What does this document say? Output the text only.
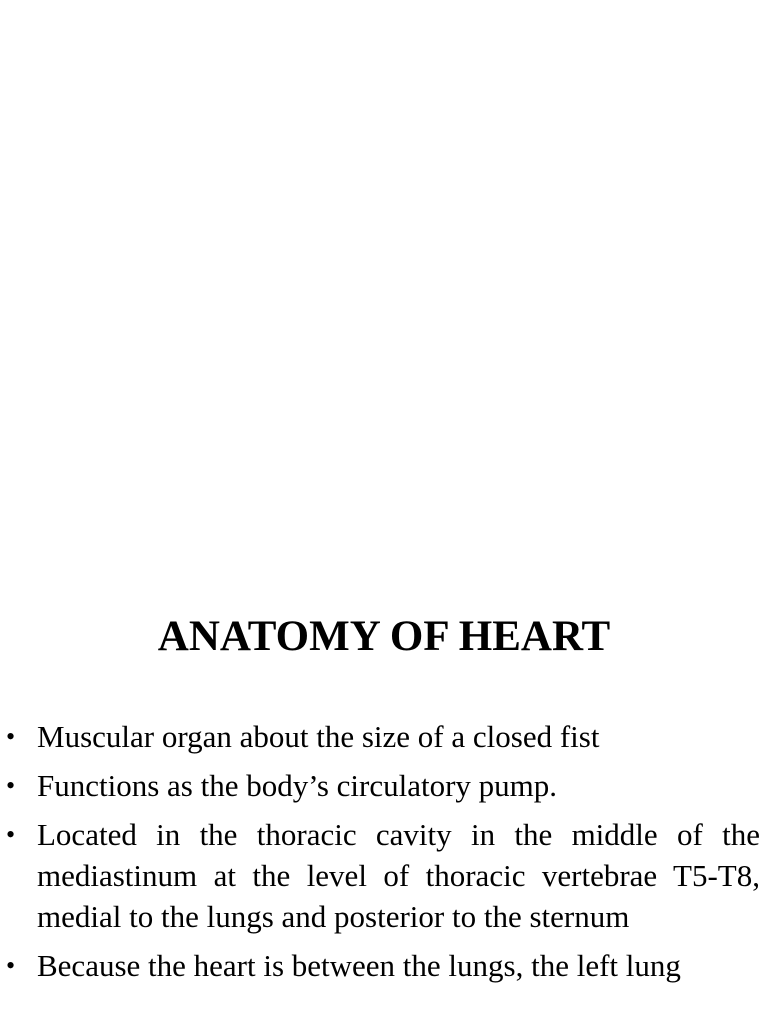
ANATOMY OF HEART
• Muscular organ about the size of a closed fist
• Functions as the body’s circulatory pump.
• Located in the thoracic cavity in the middle of the mediastinum at the level of thoracic vertebrae T5-T8, medial to the lungs and posterior to the sternum
• Because the heart is between the lungs, the left lung
